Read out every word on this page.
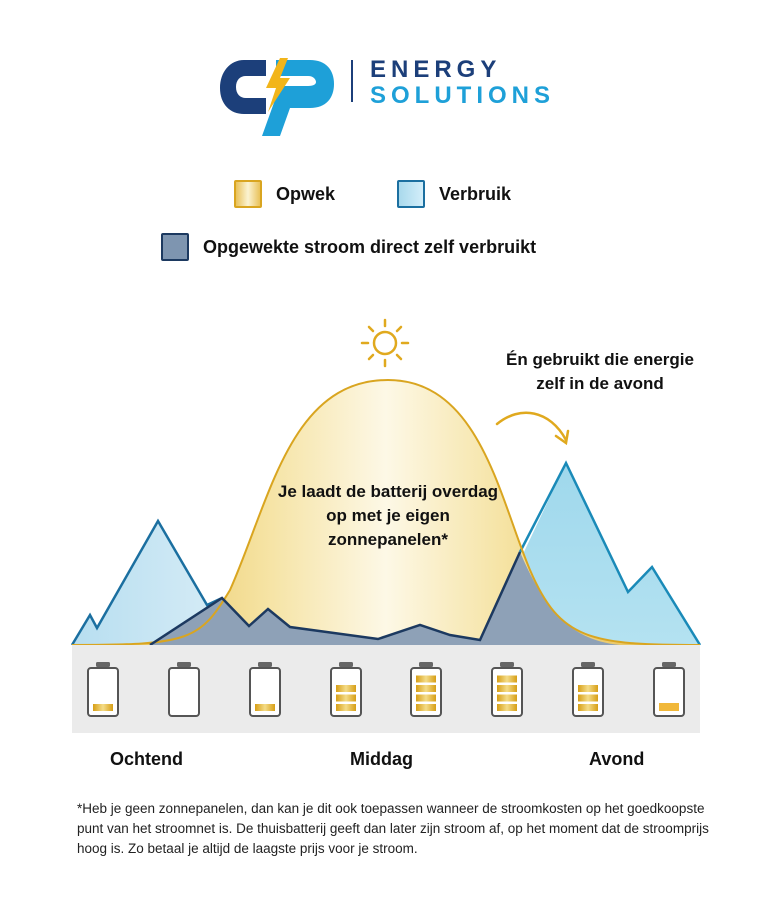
ENERGY
SOLUTIONS
Opwek	Verbruik
Opgewekte stroom direct zelf verbruikt
Je laadt de batterij overdag op met je eigen zonnepanelen*
Én gebruikt die energie zelf in de avond
Ochtend	Middag	Avond
*Heb je geen zonnepanelen, dan kan je dit ook toepassen wanneer de stroomkosten op het goedkoopste punt van het stroomnet is. De thuisbatterij geeft dan later zijn stroom af, op het moment dat de stroomprijs hoog is. Zo betaal je altijd de laagste prijs voor je stroom.
